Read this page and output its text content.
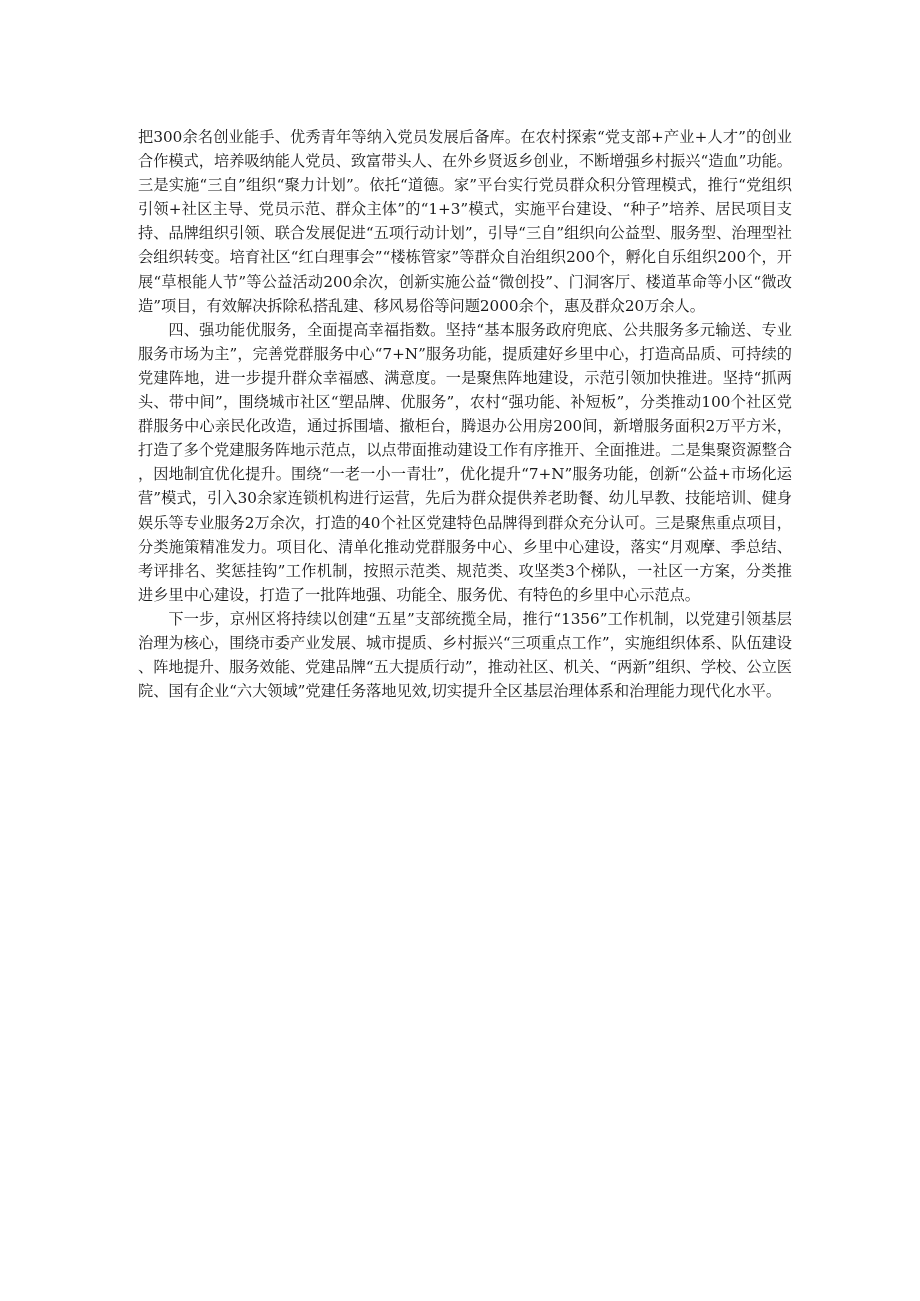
把300余名创业能手、优秀青年等纳入党员发展后备库。在农村探索“党支部+产业+人才”的创业合作模式，培养吸纳能人党员、致富带头人、在外乡贤返乡创业，不断增强乡村振兴“造血”功能。三是实施“三自”组织“聚力计划”。依托“道德。家”平台实行党员群众积分管理模式，推行“党组织引领+社区主导、党员示范、群众主体”的“1+3”模式，实施平台建设、“种子”培养、居民项目支持、品牌组织引领、联合发展促进“五项行动计划”，引导“三自”组织向公益型、服务型、治理型社会组织转变。培育社区“红白理事会”“楼栋管家”等群众自治组织200个，孵化自乐组织200个，开展“草根能人节”等公益活动200余次，创新实施公益“微创投”、门洞客厅、楼道革命等小区“微改造”项目，有效解决拆除私搭乱建、移风易俗等问题2000余个，惠及群众20万余人。

四、强功能优服务，全面提高幸福指数。坚持“基本服务政府兜底、公共服务多元输送、专业服务市场为主”，完善党群服务中心“7+N”服务功能，提质建好乡里中心，打造高品质、可持续的党建阵地，进一步提升群众幸福感、满意度。一是聚焦阵地建设，示范引领加快推进。坚持“抓两头、带中间”，围绕城市社区“塑品牌、优服务”，农村“强功能、补短板”，分类推动100个社区党群服务中心亲民化改造，通过拆围墙、撤柜台，腾退办公用房200间，新增服务面积2万平方米，打造了多个党建服务阵地示范点，以点带面推动建设工作有序推开、全面推进。二是集聚资源整合，因地制宜优化提升。围绕“一老一小一青壮”，优化提升“7+N”服务功能，创新“公益+市场化运营”模式，引入30余家连锁机构进行运营，先后为群众提供养老助餐、幼儿早教、技能培训、健身娱乐等专业服务2万余次，打造的40个社区党建特色品牌得到群众充分认可。三是聚焦重点项目，分类施策精准发力。项目化、清单化推动党群服务中心、乡里中心建设，落实“月观摩、季总结、考评排名、奖惩挂钩”工作机制，按照示范类、规范类、攻坚类3个梯队，一社区一方案，分类推进乡里中心建设，打造了一批阵地强、功能全、服务优、有特色的乡里中心示范点。

下一步，京州区将持续以创建“五星”支部统揽全局，推行“1356”工作机制，以党建引领基层治理为核心，围绕市委产业发展、城市提质、乡村振兴“三项重点工作”，实施组织体系、队伍建设、阵地提升、服务效能、党建品牌“五大提质行动”，推动社区、机关、“两新”组织、学校、公立医院、国有企业“六大领域”党建任务落地见效,切实提升全区基层治理体系和治理能力现代化水平。
